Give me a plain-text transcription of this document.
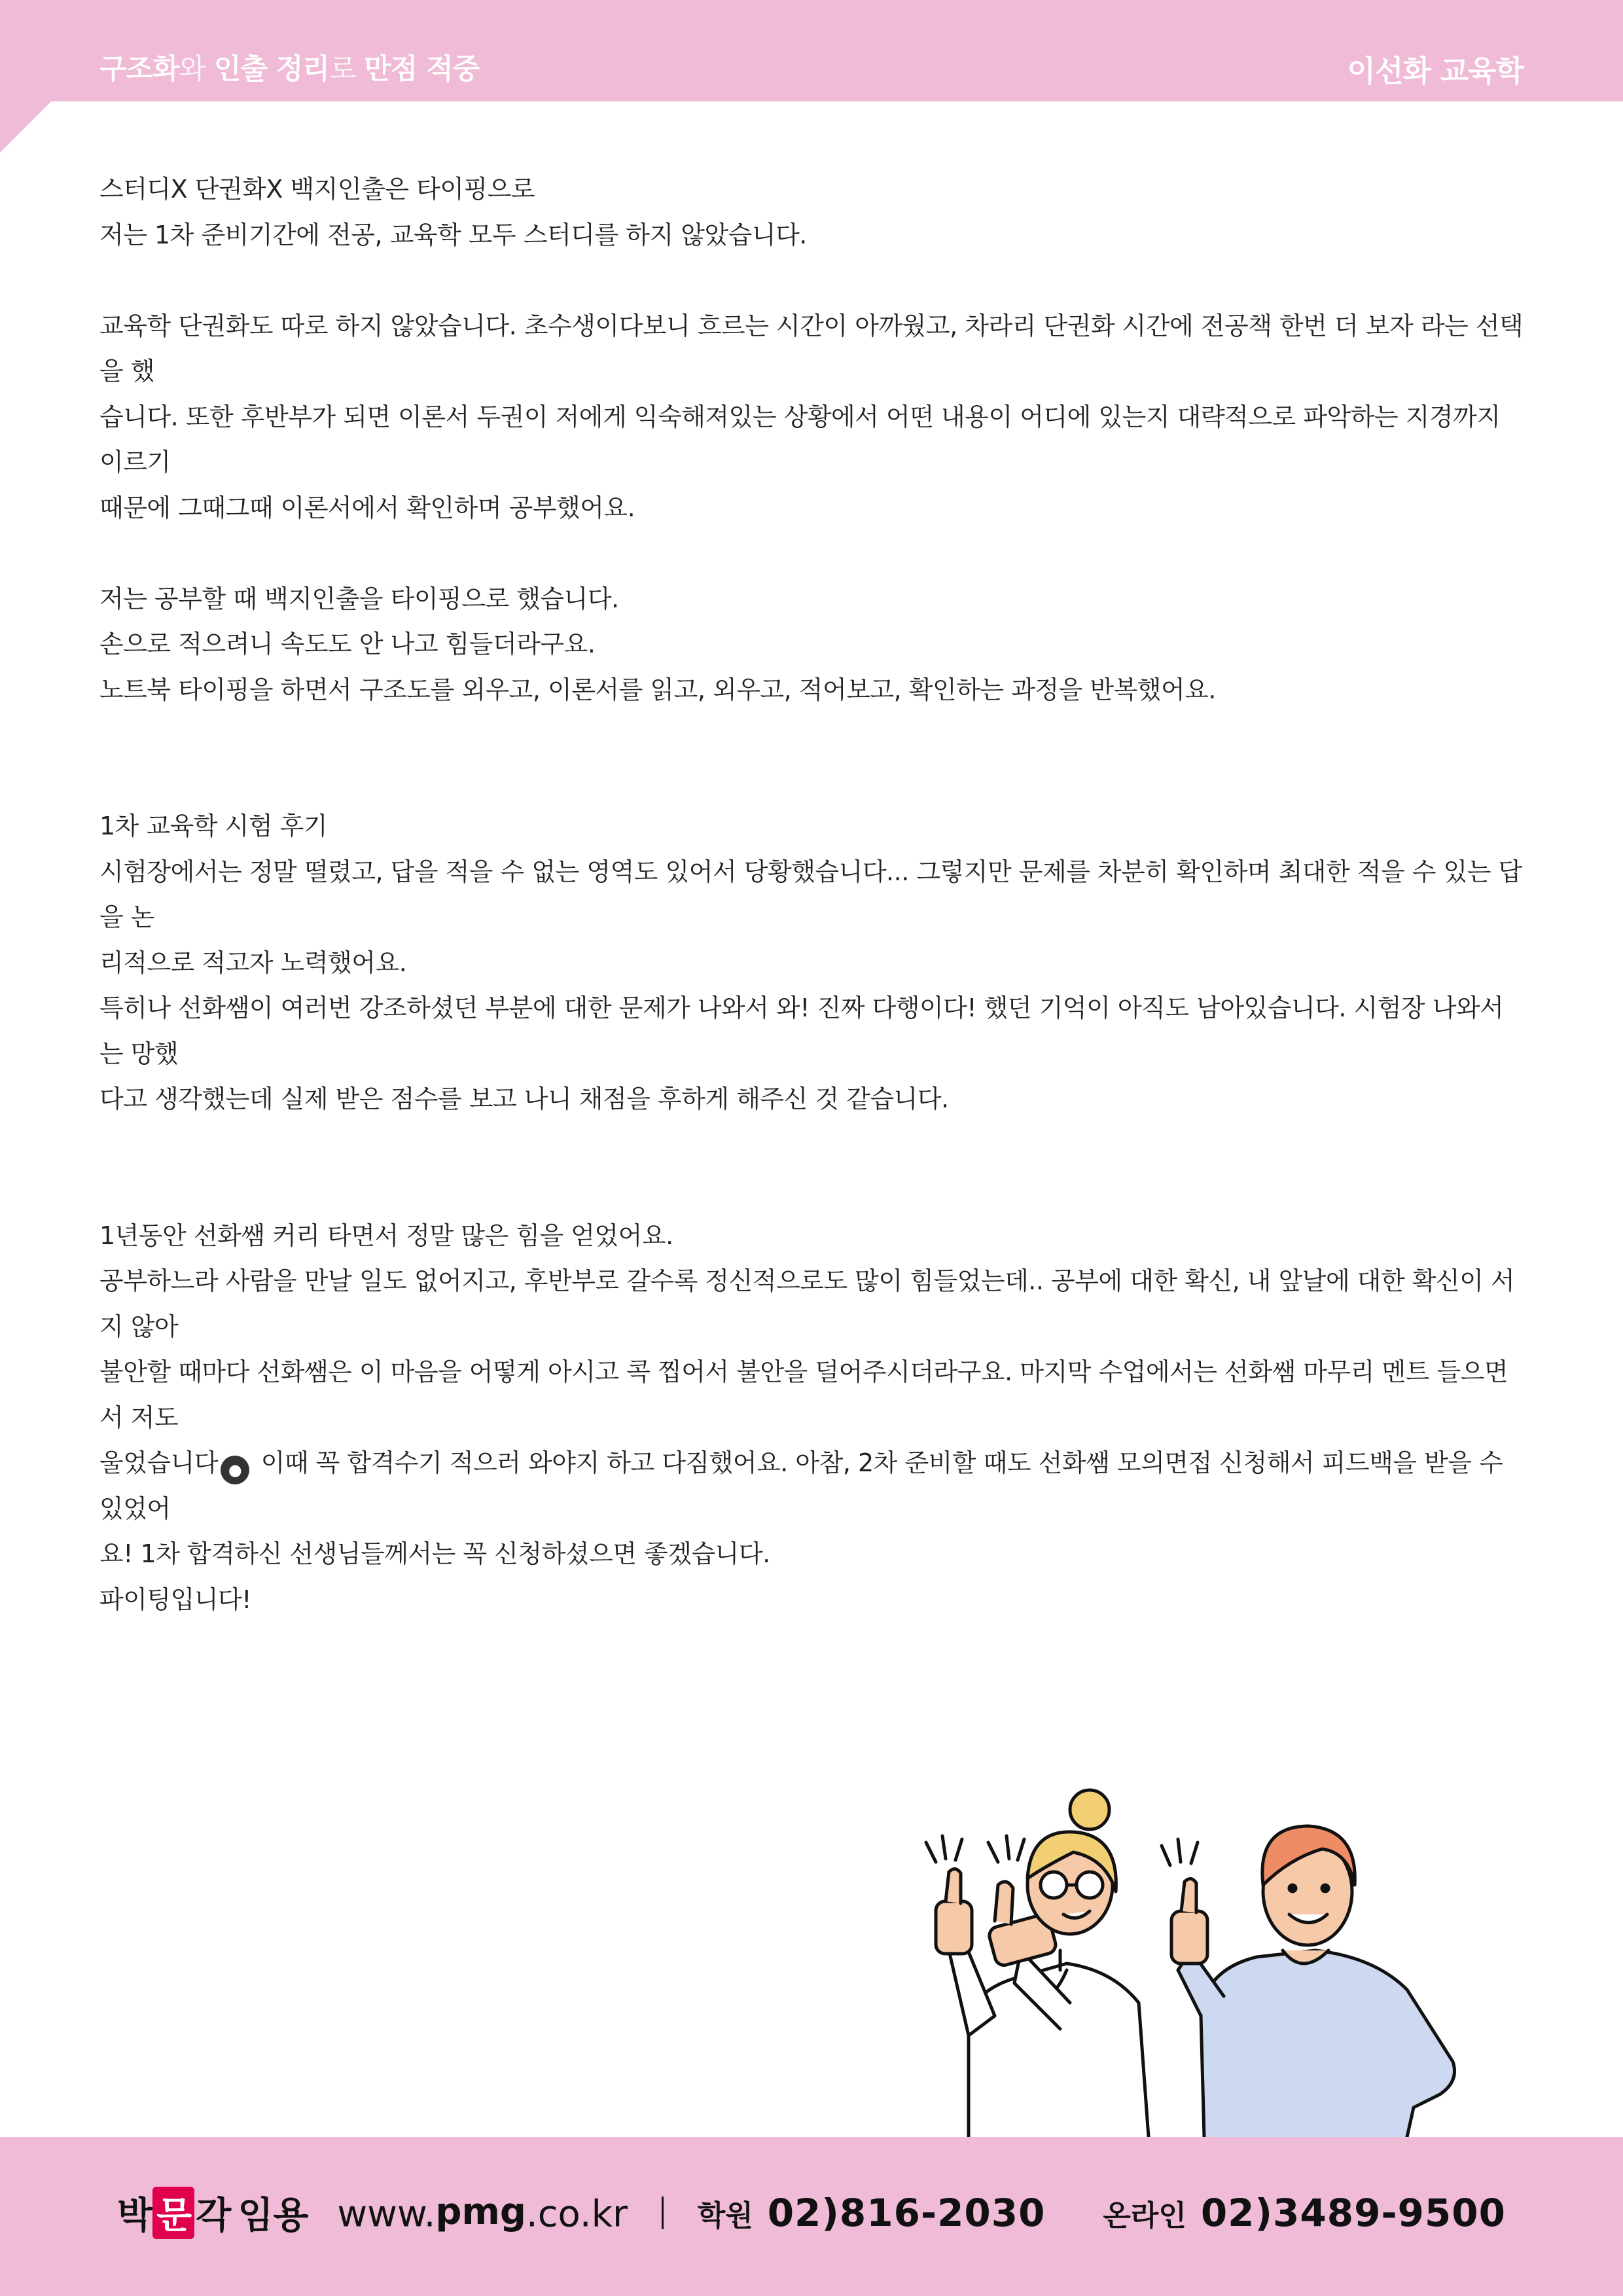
구조화와 인출 정리로 만점 적중	이선화 교육학

스터디X 단권화X 백지인출은 타이핑으로

저는 1차 준비기간에 전공, 교육학 모두 스터디를 하지 않았습니다.

교육학 단권화도 따로 하지 않았습니다. 초수생이다보니 흐르는 시간이 아까웠고, 차라리 단권화 시간에 전공책 한번 더 보자 라는 선택을 했

습니다. 또한 후반부가 되면 이론서 두권이 저에게 익숙해져있는 상황에서 어떤 내용이 어디에 있는지 대략적으로 파악하는 지경까지 이르기

때문에 그때그때 이론서에서 확인하며 공부했어요.

저는 공부할 때 백지인출을 타이핑으로 했습니다.

손으로 적으려니 속도도 안 나고 힘들더라구요.

노트북 타이핑을 하면서 구조도를 외우고, 이론서를 읽고, 외우고, 적어보고, 확인하는 과정을 반복했어요.

1차 교육학 시험 후기

시험장에서는 정말 떨렸고, 답을 적을 수 없는 영역도 있어서 당황했습니다... 그렇지만 문제를 차분히 확인하며 최대한 적을 수 있는 답을 논

리적으로 적고자 노력했어요.

특히나 선화쌤이 여러번 강조하셨던 부분에 대한 문제가 나와서 와! 진짜 다행이다! 했던 기억이 아직도 남아있습니다. 시험장 나와서는 망했

다고 생각했는데 실제 받은 점수를 보고 나니 채점을 후하게 해주신 것 같습니다.

1년동안 선화쌤 커리 타면서 정말 많은 힘을 얻었어요.

공부하느라 사람을 만날 일도 없어지고, 후반부로 갈수록 정신적으로도 많이 힘들었는데.. 공부에 대한 확신, 내 앞날에 대한 확신이 서지 않아

불안할 때마다 선화쌤은 이 마음을 어떻게 아시고 콕 찝어서 불안을 덜어주시더라구요. 마지막 수업에서는 선화쌤 마무리 멘트 들으면서 저도

울었습니다 ● 이때 꼭 합격수기 적으러 와야지 하고 다짐했어요. 아참, 2차 준비할 때도 선화쌤 모의면접 신청해서 피드백을 받을 수 있었어

요! 1차 합격하신 선생님들께서는 꼭 신청하셨으면 좋겠습니다.

파이팅입니다!

박 문 각 임용 www.pmg.co.kr 학원 02)816-2030 온라인 02)3489-9500
